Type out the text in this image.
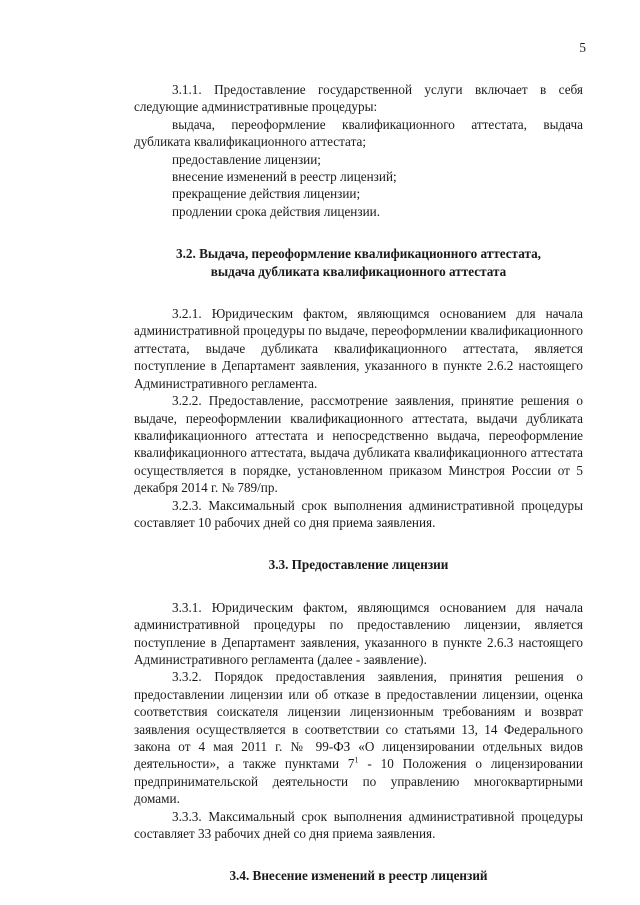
5

3.1.1. Предоставление государственной услуги включает в себя следующие административные процедуры:

выдача, переоформление квалификационного аттестата, выдача дубликата квалификационного аттестата;

предоставление лицензии;

внесение изменений в реестр лицензий;

прекращение действия лицензии;

продлении срока действия лицензии.

3.2. Выдача, переоформление квалификационного аттестата,
выдача дубликата квалификационного аттестата

3.2.1. Юридическим фактом, являющимся основанием для начала административной процедуры по выдаче, переоформлении квалификационного аттестата, выдаче дубликата квалификационного аттестата, является поступление в Департамент заявления, указанного в пункте 2.6.2 настоящего Административного регламента.

3.2.2. Предоставление, рассмотрение заявления, принятие решения о выдаче, переоформлении квалификационного аттестата, выдачи дубликата квалификационного аттестата и непосредственно выдача, переоформление квалификационного аттестата, выдача дубликата квалификационного аттестата осуществляется в порядке, установленном приказом Минстроя России от 5 декабря 2014 г. № 789/пр.

3.2.3. Максимальный срок выполнения административной процедуры составляет 10 рабочих дней со дня приема заявления.

3.3. Предоставление лицензии

3.3.1. Юридическим фактом, являющимся основанием для начала административной процедуры по предоставлению лицензии, является поступление в Департамент заявления, указанного в пункте 2.6.3 настоящего Административного регламента (далее - заявление).

3.3.2. Порядок предоставления заявления, принятия решения о предоставлении лицензии или об отказе в предоставлении лицензии, оценка соответствия соискателя лицензии лицензионным требованиям и возврат заявления осуществляется в соответствии со статьями 13, 14 Федерального закона от 4 мая 2011 г. № 99-ФЗ «О лицензировании отдельных видов деятельности», а также пунктами $7^1 - 10$ Положения о лицензировании предпринимательской деятельности по управлению многоквартирными домами.

3.3.3. Максимальный срок выполнения административной процедуры составляет 33 рабочих дней со дня приема заявления.

3.4. Внесение изменений в реестр лицензий
